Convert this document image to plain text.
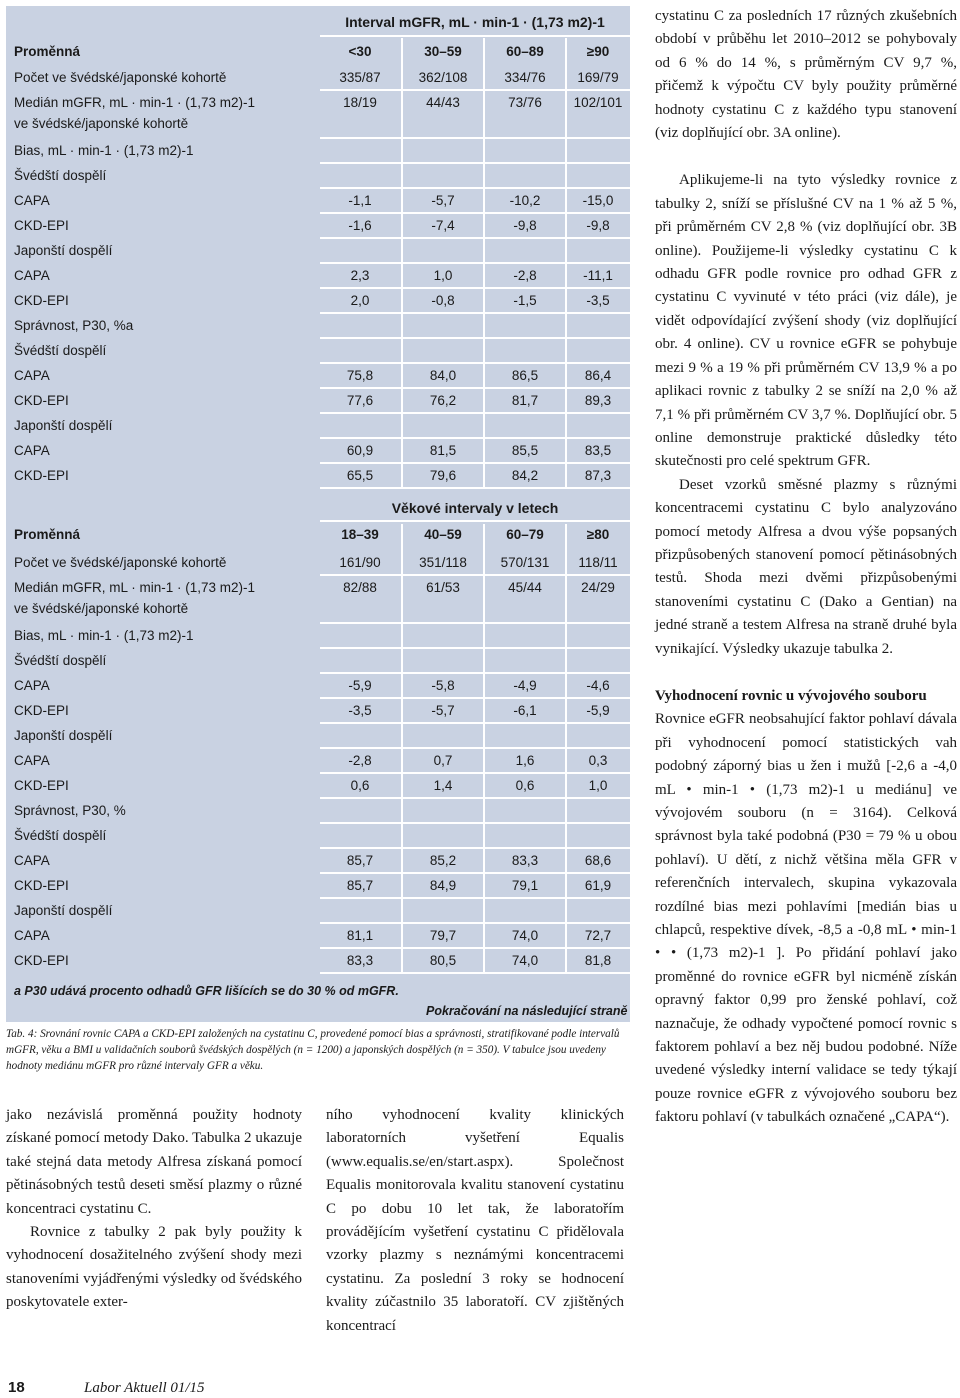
Interval mGFR, mL · min-1 · (1,73 m2)-1
Proměnná	<30	30–59	60–89	≥90
Věkové intervaly v letech
Proměnná	18–39	40–59	60–79	≥80
a P30 udává procento odhadů GFR lišících se do 30 % od mGFR.
Pokračování na následující straně
Počet ve švédské/japonské kohortě	335/87	362/108	334/76	169/79
Medián mGFR, mL · min-1 · (1,73 m2)-1
ve švédské/japonské kohortě
18/19	44/43	73/76	102/101
Bias, mL · min-1 · (1,73 m2)-1
Švédští dospělí
CAPA	-1,1	-5,7	-10,2	-15,0
CKD-EPI	-1,6	-7,4	-9,8	-9,8
Japonští dospělí
CAPA	2,3	1,0	-2,8	-11,1
CKD-EPI	2,0	-0,8	-1,5	-3,5
Správnost, P30, %a
Švédští dospělí
CAPA	75,8	84,0	86,5	86,4
CKD-EPI	77,6	76,2	81,7	89,3
Japonští dospělí
CAPA	60,9	81,5	85,5	83,5
CKD-EPI	65,5	79,6	84,2	87,3
Počet ve švédské/japonské kohortě	161/90	351/118	570/131	118/11
Medián mGFR, mL · min-1 · (1,73 m2)-1
ve švédské/japonské kohortě
82/88	61/53	45/44	24/29
Bias, mL · min-1 · (1,73 m2)-1
Švédští dospělí
CAPA	-5,9	-5,8	-4,9	-4,6
CKD-EPI	-3,5	-5,7	-6,1	-5,9
Japonští dospělí
CAPA	-2,8	0,7	1,6	0,3
CKD-EPI	0,6	1,4	0,6	1,0
Správnost, P30, %
Švédští dospělí
CAPA	85,7	85,2	83,3	68,6
CKD-EPI	85,7	84,9	79,1	61,9
Japonští dospělí
CAPA	81,1	79,7	74,0	72,7
CKD-EPI	83,3	80,5	74,0	81,8
Tab. 4: Srovnání rovnic CAPA a CKD-EPI založených na cystatinu C, provedené pomocí bias a správnosti, stratifikované podle intervalů mGFR, věku a BMI u validačních souborů švédských dospělých (n = 1200) a japonských dospělých (n = 350). V tabulce jsou uvedeny hodnoty mediánu mGFR pro různé intervaly GFR a věku.

jako nezávislá proměnná použity hodnoty získané pomocí metody Dako. Tabulka 2 ukazuje také stejná data metody Alfresa získaná pomocí pětinásobných testů deseti směsí plazmy o různé koncentraci cystatinu C.

Rovnice z tabulky 2 pak byly použity k vyhodnocení dosažitelného zvýšení shody mezi stanoveními vyjádřenými výsledky od švédského poskytovatele exter-

ního vyhodnocení kvality klinických laboratorních vyšetření Equalis (www.equalis.se/en/start.aspx). Společnost Equalis monitorovala kvalitu stanovení cystatinu C po dobu 10 let tak, že laboratořím provádějícím vyšetření cystatinu C přidělovala vzorky plazmy s neznámými koncentracemi cystatinu. Za poslední 3 roky se hodnocení kvality zúčastnilo 35 laboratoří. CV zjištěných koncentrací

cystatinu C za posledních 17 různých zkušebních období v průběhu let 2010–2012 se pohybovaly od 6 % do 14 %, s průměrným CV 9,7 %, přičemž k výpočtu CV byly použity průměrné hodnoty cystatinu C z každého typu stanovení (viz doplňující obr. 3A online).

Aplikujeme-li na tyto výsledky rovnice z tabulky 2, sníží se příslušné CV na 1 % až 5 %, při průměrném CV 2,8 % (viz doplňující obr. 3B online). Použijeme-li výsledky cystatinu C k odhadu GFR podle rovnice pro odhad GFR z cystatinu C vyvinuté v této práci (viz dále), je vidět odpovídající zvýšení shody (viz doplňující obr. 4 online). CV u rovnice eGFR se pohybuje mezi 9 % a 19 % při průměrném CV 13,9 % a po aplikaci rovnic z tabulky 2 se sníží na 2,0 % až 7,1 % při průměrném CV 3,7 %. Doplňující obr. 5 online demonstruje praktické důsledky této skutečnosti pro celé spektrum GFR.

Deset vzorků směsné plazmy s různými koncentracemi cystatinu C bylo analyzováno pomocí metody Alfresa a dvou výše popsaných přizpůsobených stanovení pomocí pětinásobných testů. Shoda mezi dvěmi přizpůsobenými stanoveními cystatinu C (Dako a Gentian) na jedné straně a testem Alfresa na straně druhé byla vynikající. Výsledky ukazuje tabulka 2.

Vyhodnocení rovnic u vývojového souboru

Rovnice eGFR neobsahující faktor pohlaví dávala při vyhodnocení pomocí statistických vah podobný záporný bias u žen i mužů [-2,6 a -4,0 mL • min-1 • (1,73 m2)-1 u mediánu] ve vývojovém souboru (n = 3164). Celková správnost byla také podobná (P30 = 79 % u obou pohlaví). U dětí, z nichž většina měla GFR v referenčních intervalech, skupina vykazovala rozdílné bias mezi pohlavími [medián bias u chlapců, respektive dívek, -8,5 a -0,8 mL • min-1 • • (1,73 m2)-1 ]. Po přidání pohlaví jako proměnné do rovnice eGFR byl nicméně získán opravný faktor 0,99 pro ženské pohlaví, což naznačuje, že odhady vypočtené pomocí rovnic s faktorem pohlaví a bez něj budou podobné. Níže uvedené výsledky interní validace se tedy týkají pouze rovnice eGFR z vývojového souboru bez faktoru pohlaví (v tabulkách označené „CAPA“).

18	Labor Aktuell 01/15
